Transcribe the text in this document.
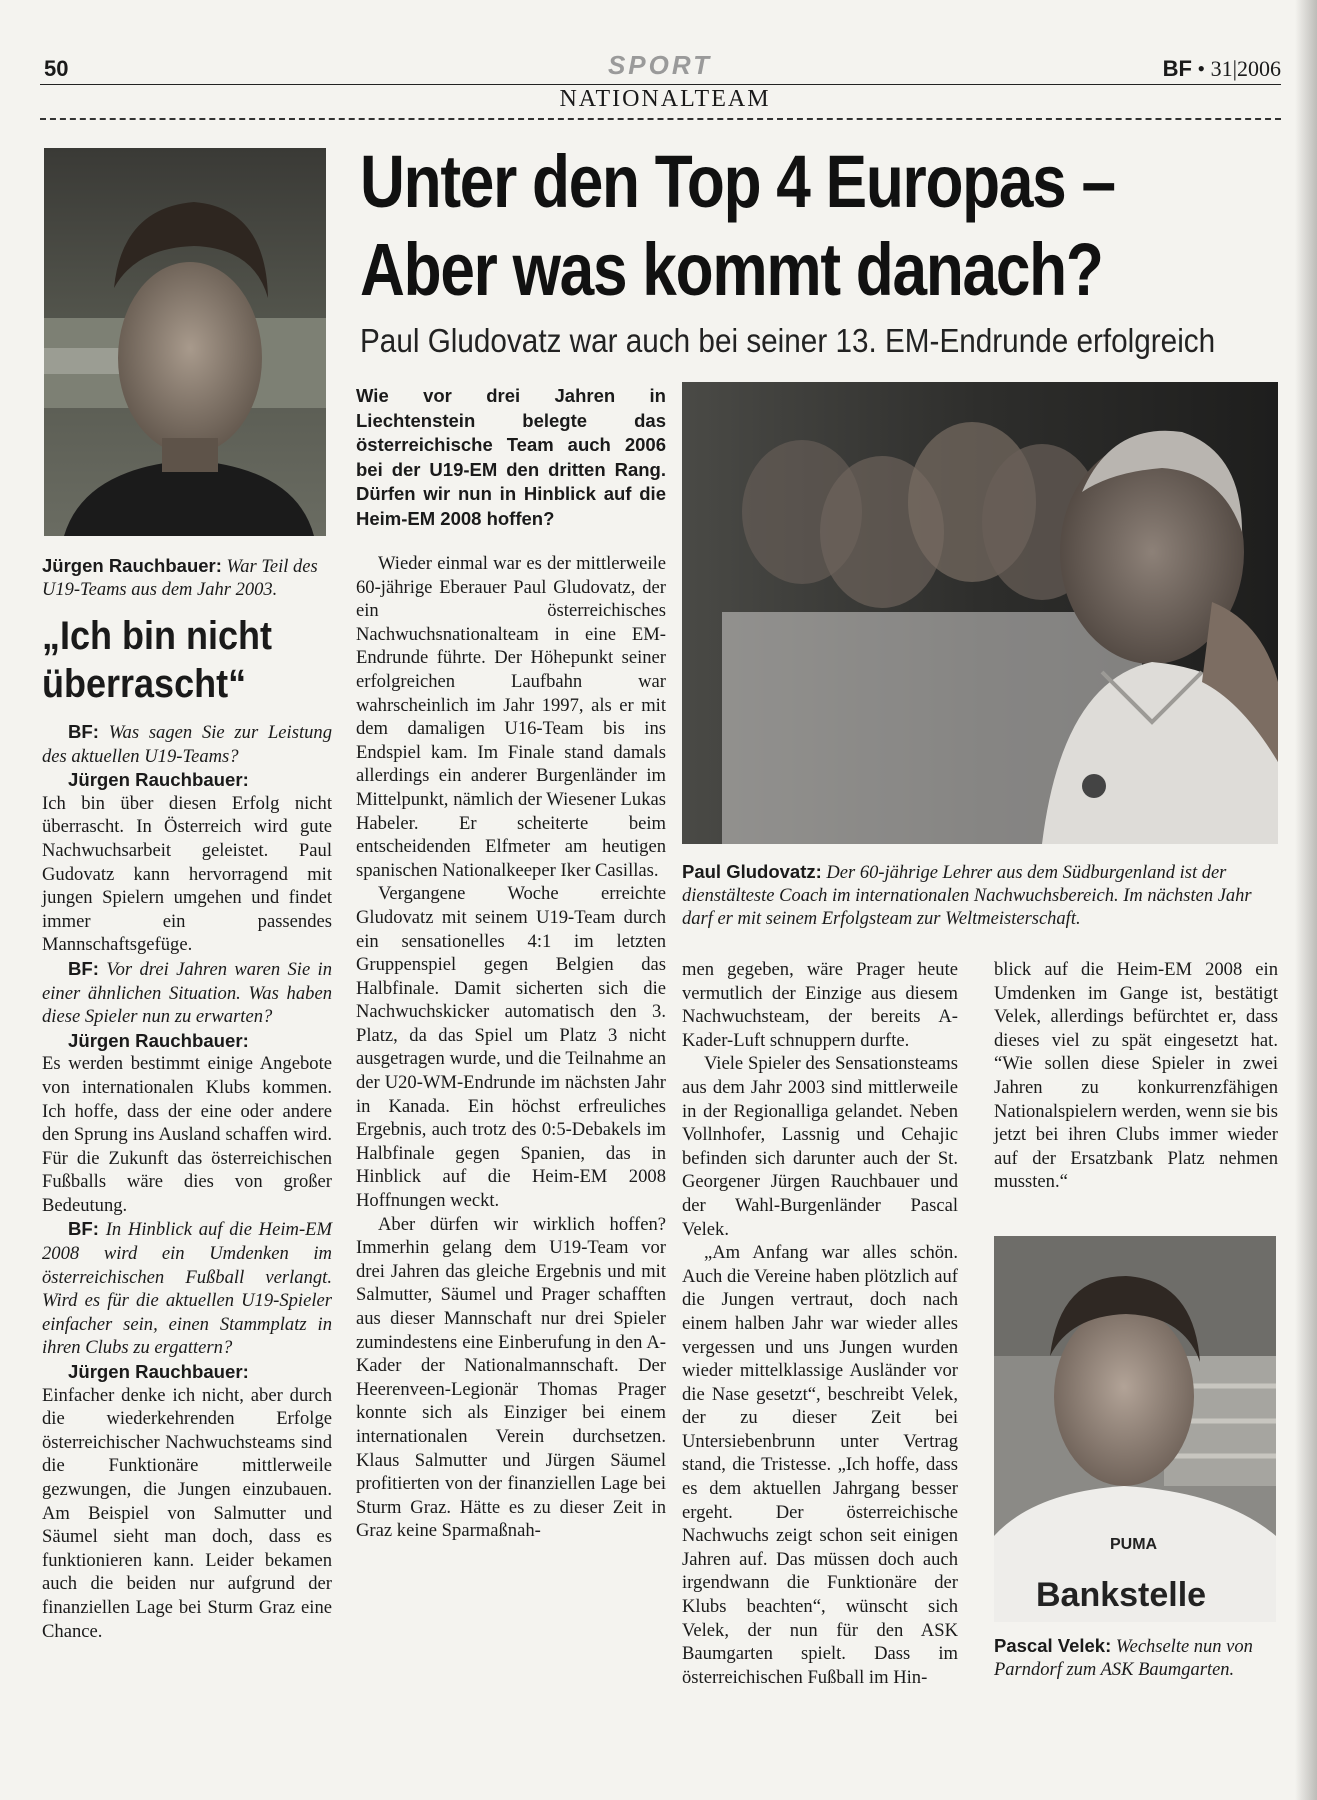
50	SPORT	BF • 31|2006
NATIONALTEAM
Unter den Top 4 Europas –
Aber was kommt danach?
Paul Gludovatz war auch bei seiner 13. EM-Endrunde erfolgreich
Jürgen Rauchbauer: War Teil des U19-Teams aus dem Jahr 2003.
„Ich bin nicht
überrascht“

BF: Was sagen Sie zur Leistung des aktuellen U19-Teams?

Jürgen Rauchbauer:
Ich bin über diesen Erfolg nicht überrascht. In Österreich wird gute Nachwuchsarbeit geleistet. Paul Gudovatz kann hervorragend mit jungen Spielern umgehen und findet immer ein passendes Mannschaftsgefüge.

BF: Vor drei Jahren waren Sie in einer ähnlichen Situation. Was haben diese Spieler nun zu erwarten?

Jürgen Rauchbauer:
Es werden bestimmt einige Angebote von internationalen Klubs kommen. Ich hoffe, dass der eine oder andere den Sprung ins Ausland schaffen wird. Für die Zukunft das österreichischen Fußballs wäre dies von großer Bedeutung.

BF: In Hinblick auf die Heim-EM 2008 wird ein Umdenken im österreichischen Fußball verlangt. Wird es für die aktuellen U19-Spieler einfacher sein, einen Stammplatz in ihren Clubs zu ergattern?

Jürgen Rauchbauer:
Einfacher denke ich nicht, aber durch die wiederkehrenden Erfolge österreichischer Nachwuchsteams sind die Funktionäre mittlerweile gezwungen, die Jungen einzubauen. Am Beispiel von Salmutter und Säumel sieht man doch, dass es funktionieren kann. Leider bekamen auch die beiden nur aufgrund der finanziellen Lage bei Sturm Graz eine Chance.

Wie vor drei Jahren in Liechtenstein belegte das österreichische Team auch 2006 bei der U19-EM den dritten Rang. Dürfen wir nun in Hinblick auf die Heim-EM 2008 hoffen?

Wieder einmal war es der mittlerweile 60-jährige Eberauer Paul Gludovatz, der ein österreichisches Nachwuchsnationalteam in eine EM-Endrunde führte. Der Höhepunkt seiner erfolgreichen Laufbahn war wahrscheinlich im Jahr 1997, als er mit dem damaligen U16-Team bis ins Endspiel kam. Im Finale stand damals allerdings ein anderer Burgenländer im Mittelpunkt, nämlich der Wiesener Lukas Habeler. Er scheiterte beim entscheidenden Elfmeter am heutigen spanischen Nationalkeeper Iker Casillas.

Vergangene Woche erreichte Gludovatz mit seinem U19-Team durch ein sensationelles 4:1 im letzten Gruppenspiel gegen Belgien das Halbfinale. Damit sicherten sich die Nachwuchskicker automatisch den 3. Platz, da das Spiel um Platz 3 nicht ausgetragen wurde, und die Teilnahme an der U20-WM-Endrunde im nächsten Jahr in Kanada. Ein höchst erfreuliches Ergebnis, auch trotz des 0:5-Debakels im Halbfinale gegen Spanien, das in Hinblick auf die Heim-EM 2008 Hoffnungen weckt.

Aber dürfen wir wirklich hoffen? Immerhin gelang dem U19-Team vor drei Jahren das gleiche Ergebnis und mit Salmutter, Säumel und Prager schafften aus dieser Mannschaft nur drei Spieler zumindestens eine Einberufung in den A-Kader der Nationalmannschaft. Der Heerenveen-Legionär Thomas Prager konnte sich als Einziger bei einem internationalen Verein durchsetzen. Klaus Salmutter und Jürgen Säumel profitierten von der finanziellen Lage bei Sturm Graz. Hätte es zu dieser Zeit in Graz keine Sparmaßnah-

Paul Gludovatz: Der 60-jährige Lehrer aus dem Südburgenland ist der dienstälteste Coach im internationalen Nachwuchsbereich. Im nächsten Jahr darf er mit seinem Erfolgsteam zur Weltmeisterschaft.

men gegeben, wäre Prager heute vermutlich der Einzige aus diesem Nachwuchsteam, der bereits A-Kader-Luft schnuppern durfte.

Viele Spieler des Sensationsteams aus dem Jahr 2003 sind mittlerweile in der Regionalliga gelandet. Neben Vollnhofer, Lassnig und Cehajic befinden sich darunter auch der St. Georgener Jürgen Rauchbauer und der Wahl-Burgenländer Pascal Velek.

„Am Anfang war alles schön. Auch die Vereine haben plötzlich auf die Jungen vertraut, doch nach einem halben Jahr war wieder alles vergessen und uns Jungen wurden wieder mittelklassige Ausländer vor die Nase gesetzt“, beschreibt Velek, der zu dieser Zeit bei Untersiebenbrunn unter Vertrag stand, die Tristesse. „Ich hoffe, dass es dem aktuellen Jahrgang besser ergeht. Der österreichische Nachwuchs zeigt schon seit einigen Jahren auf. Das müssen doch auch irgendwann die Funktionäre der Klubs beachten“, wünscht sich Velek, der nun für den ASK Baumgarten spielt. Dass im österreichischen Fußball im Hin-

blick auf die Heim-EM 2008 ein Umdenken im Gange ist, bestätigt Velek, allerdings befürchtet er, dass dieses viel zu spät eingesetzt hat. “Wie sollen diese Spieler in zwei Jahren zu konkurrenzfähigen Nationalspielern werden, wenn sie bis jetzt bei ihren Clubs immer wieder auf der Ersatzbank Platz nehmen mussten.“

PUMA
Bankstelle
Pascal Velek: Wechselte nun von Parndorf zum ASK Baumgarten.
